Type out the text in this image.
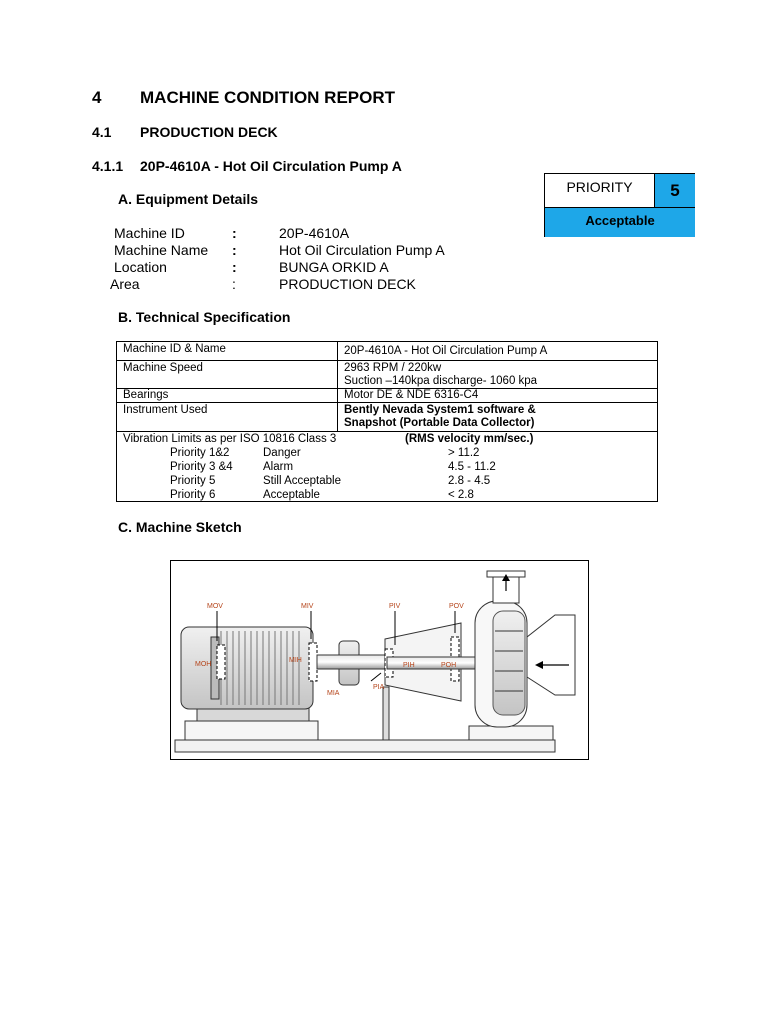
4 MACHINE CONDITION REPORT
4.1 PRODUCTION DECK
4.1.1 20P-4610A - Hot Oil Circulation Pump A
PRIORITY	5
Acceptable
A. Equipment Details
Machine ID	:	20P-4610A
Machine Name :	Hot Oil Circulation Pump A
Location	:	BUNGA ORKID A
Area	:	PRODUCTION DECK
B. Technical Specification
Machine ID & Name	20P-4610A - Hot Oil Circulation Pump A
Machine Speed	2963 RPM / 220kw
Suction –140kpa discharge- 1060 kpa
Bearings	Motor DE & NDE 6316-C4
Instrument Used	Bently Nevada System1 software &
Snapshot (Portable Data Collector)
Vibration Limits as per ISO 10816 Class 3	(RMS velocity mm/sec.)
Priority 1&2	Danger	> 11.2
Priority 3 &4	Alarm	4.5 - 11.2
Priority 5	Still Acceptable	2.8 - 4.5
Priority 6	Acceptable	< 2.8
C. Machine Sketch
MOV	MIV	PIV	POV
MOH
MIH
PIH	POH
MIA
PIA
